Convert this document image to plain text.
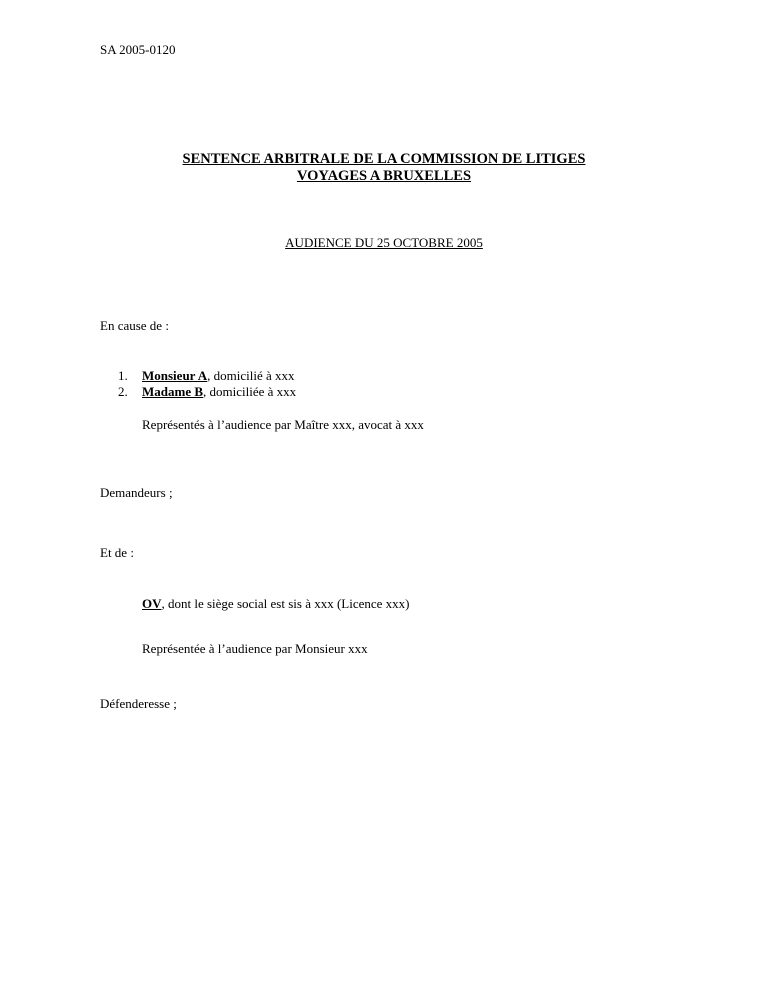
SA 2005-0120
SENTENCE ARBITRALE DE LA COMMISSION DE LITIGES
VOYAGES A BRUXELLES
AUDIENCE DU 25 OCTOBRE 2005
En cause de :
1. Monsieur A, domicilié à xxx
2. Madame B, domiciliée à xxx
Représentés à l’audience par Maître xxx, avocat à xxx
Demandeurs ;
Et de :
OV, dont le siège social est sis à xxx (Licence xxx)
Représentée à l’audience par Monsieur xxx
Défenderesse ;
